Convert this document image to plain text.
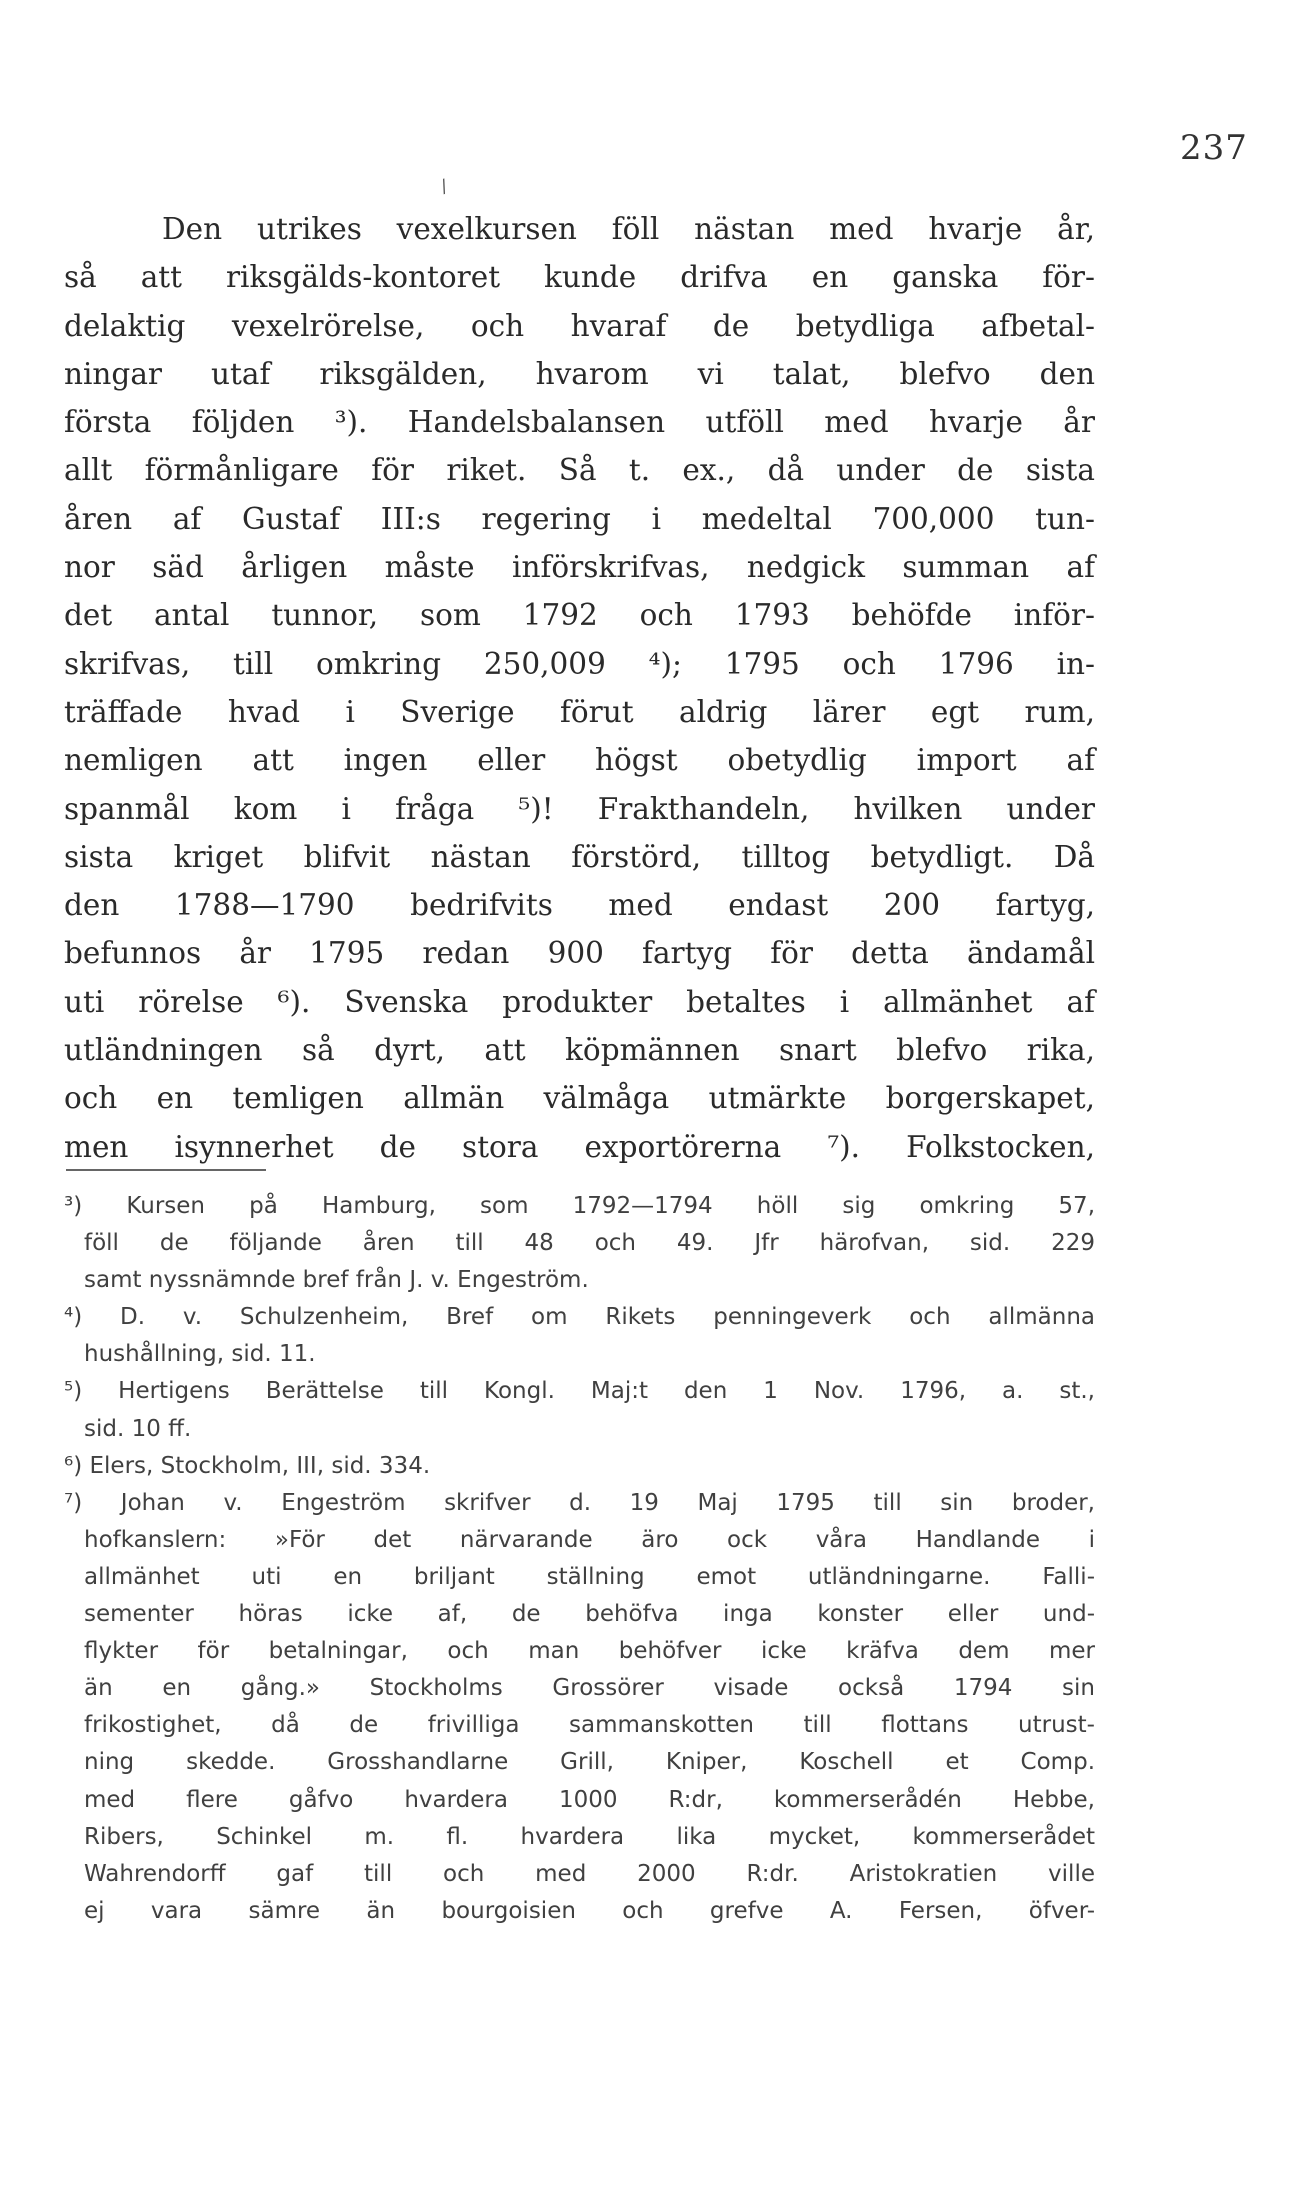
237
/
Den utrikes vexelkursen föll nästan med hvarje år,
så att riksgälds-kontoret kunde drifva en ganska för-
delaktig vexelrörelse, och hvaraf de betydliga afbetal-
ningar utaf riksgälden, hvarom vi talat, blefvo den
första följden ³). Handelsbalansen utföll med hvarje år
allt förmånligare för riket. Så t. ex., då under de sista
åren af Gustaf III:s regering i medeltal 700,000 tun-
nor säd årligen måste införskrifvas, nedgick summan af
det antal tunnor, som 1792 och 1793 behöfde inför-
skrifvas, till omkring 250,009 ⁴); 1795 och 1796 in-
träffade hvad i Sverige förut aldrig lärer egt rum,
nemligen att ingen eller högst obetydlig import af
spanmål kom i fråga ⁵)! Frakthandeln, hvilken under
sista kriget blifvit nästan förstörd, tilltog betydligt. Då
den 1788—1790 bedrifvits med endast 200 fartyg,
befunnos år 1795 redan 900 fartyg för detta ändamål
uti rörelse ⁶). Svenska produkter betaltes i allmänhet af
utländningen så dyrt, att köpmännen snart blefvo rika,
och en temligen allmän välmåga utmärkte borgerskapet,
men isynnerhet de stora exportörerna ⁷). Folkstocken,
³) Kursen på Hamburg, som 1792—1794 höll sig omkring 57,
föll de följande åren till 48 och 49. Jfr härofvan, sid. 229
samt nyssnämnde bref från J. v. Engeström.
⁴) D. v. Schulzenheim, Bref om Rikets penningeverk och allmänna
hushållning, sid. 11.
⁵) Hertigens Berättelse till Kongl. Maj:t den 1 Nov. 1796, a. st.,
sid. 10 ff.
⁶) Elers, Stockholm, III, sid. 334.
⁷) Johan v. Engeström skrifver d. 19 Maj 1795 till sin broder,
hofkanslern: »För det närvarande äro ock våra Handlande i
allmänhet uti en briljant ställning emot utländningarne. Falli-
sementer höras icke af, de behöfva inga konster eller und-
flykter för betalningar, och man behöfver icke kräfva dem mer
än en gång.» Stockholms Grossörer visade också 1794 sin
frikostighet, då de frivilliga sammanskotten till flottans utrust-
ning skedde. Grosshandlarne Grill, Kniper, Koschell et Comp.
med flere gåfvo hvardera 1000 R:dr, kommerserådén Hebbe,
Ribers, Schinkel m. fl. hvardera lika mycket, kommerserådet
Wahrendorff gaf till och med 2000 R:dr. Aristokratien ville
ej vara sämre än bourgoisien och grefve A. Fersen, öfver-
